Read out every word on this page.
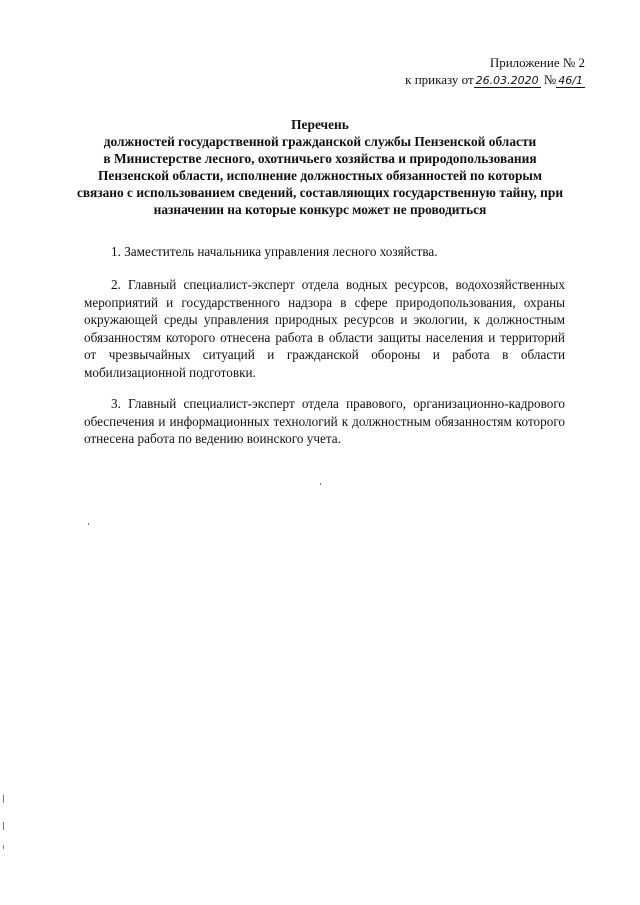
Приложение № 2
к приказу от 26.03.2020 № 46/1
Перечень
должностей государственной гражданской службы Пензенской области
в Министерстве лесного, охотничьего хозяйства и природопользования
Пензенской области, исполнение должностных обязанностей по которым
связано с использованием сведений, составляющих государственную тайну, при
назначении на которые конкурс может не проводиться

1. Заместитель начальника управления лесного хозяйства.

2. Главный специалист-эксперт отдела водных ресурсов, водохозяйственных мероприятий и государственного надзора в сфере природопользования, охраны окружающей среды управления природных ресурсов и экологии, к должностным обязанностям которого отнесена работа в области защиты населения и территорий от чрезвычайных ситуаций и гражданской обороны и работа в области мобилизационной подготовки.

3. Главный специалист-эксперт отдела правового, организационно-кадрового обеспечения и информационных технологий к должностным обязанностям которого отнесена работа по ведению воинского учета.
